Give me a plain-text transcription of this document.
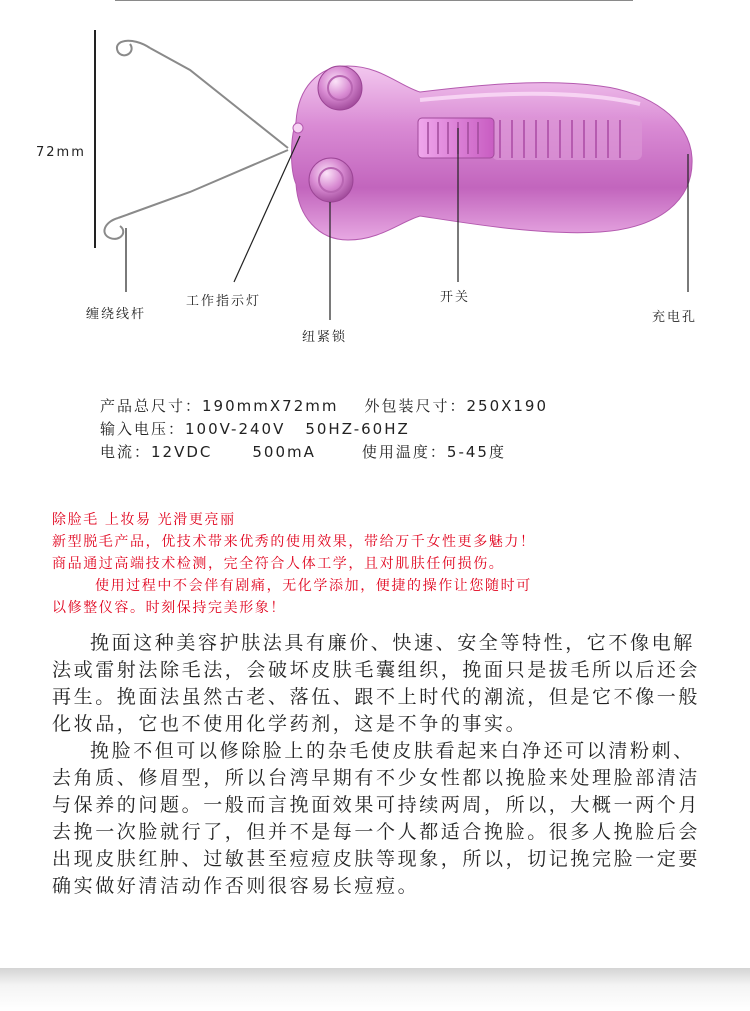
72mm
缠绕线杆
工作指示灯
纽紧锁
开关
充电孔
产品总尺寸：190mmX72mm 外包装尺寸：250X190
输入电压：100V-240V 50HZ-60HZ
电流：12VDC	500mA	使用温度：5-45度
除脸毛 上妆易 光滑更亮丽
新型脱毛产品，优技术带来优秀的使用效果，带给万千女性更多魅力！
商品通过高端技术检测，完全符合人体工学，且对肌肤任何损伤。
使用过程中不会伴有剧痛，无化学添加，便捷的操作让您随时可
以修整仪容。时刻保持完美形象！

挽面这种美容护肤法具有廉价、快速、安全等特性，它不像电解法或雷射法除毛法，会破坏皮肤毛囊组织，挽面只是拔毛所以后还会再生。挽面法虽然古老、落伍、跟不上时代的潮流，但是它不像一般化妆品，它也不使用化学药剂，这是不争的事实。

挽脸不但可以修除脸上的杂毛使皮肤看起来白净还可以清粉刺、去角质、修眉型，所以台湾早期有不少女性都以挽脸来处理脸部清洁与保养的问题。一般而言挽面效果可持续两周，所以，大概一两个月去挽一次脸就行了，但并不是每一个人都适合挽脸。很多人挽脸后会出现皮肤红肿、过敏甚至痘痘皮肤等现象，所以，切记挽完脸一定要确实做好清洁动作否则很容易长痘痘。
